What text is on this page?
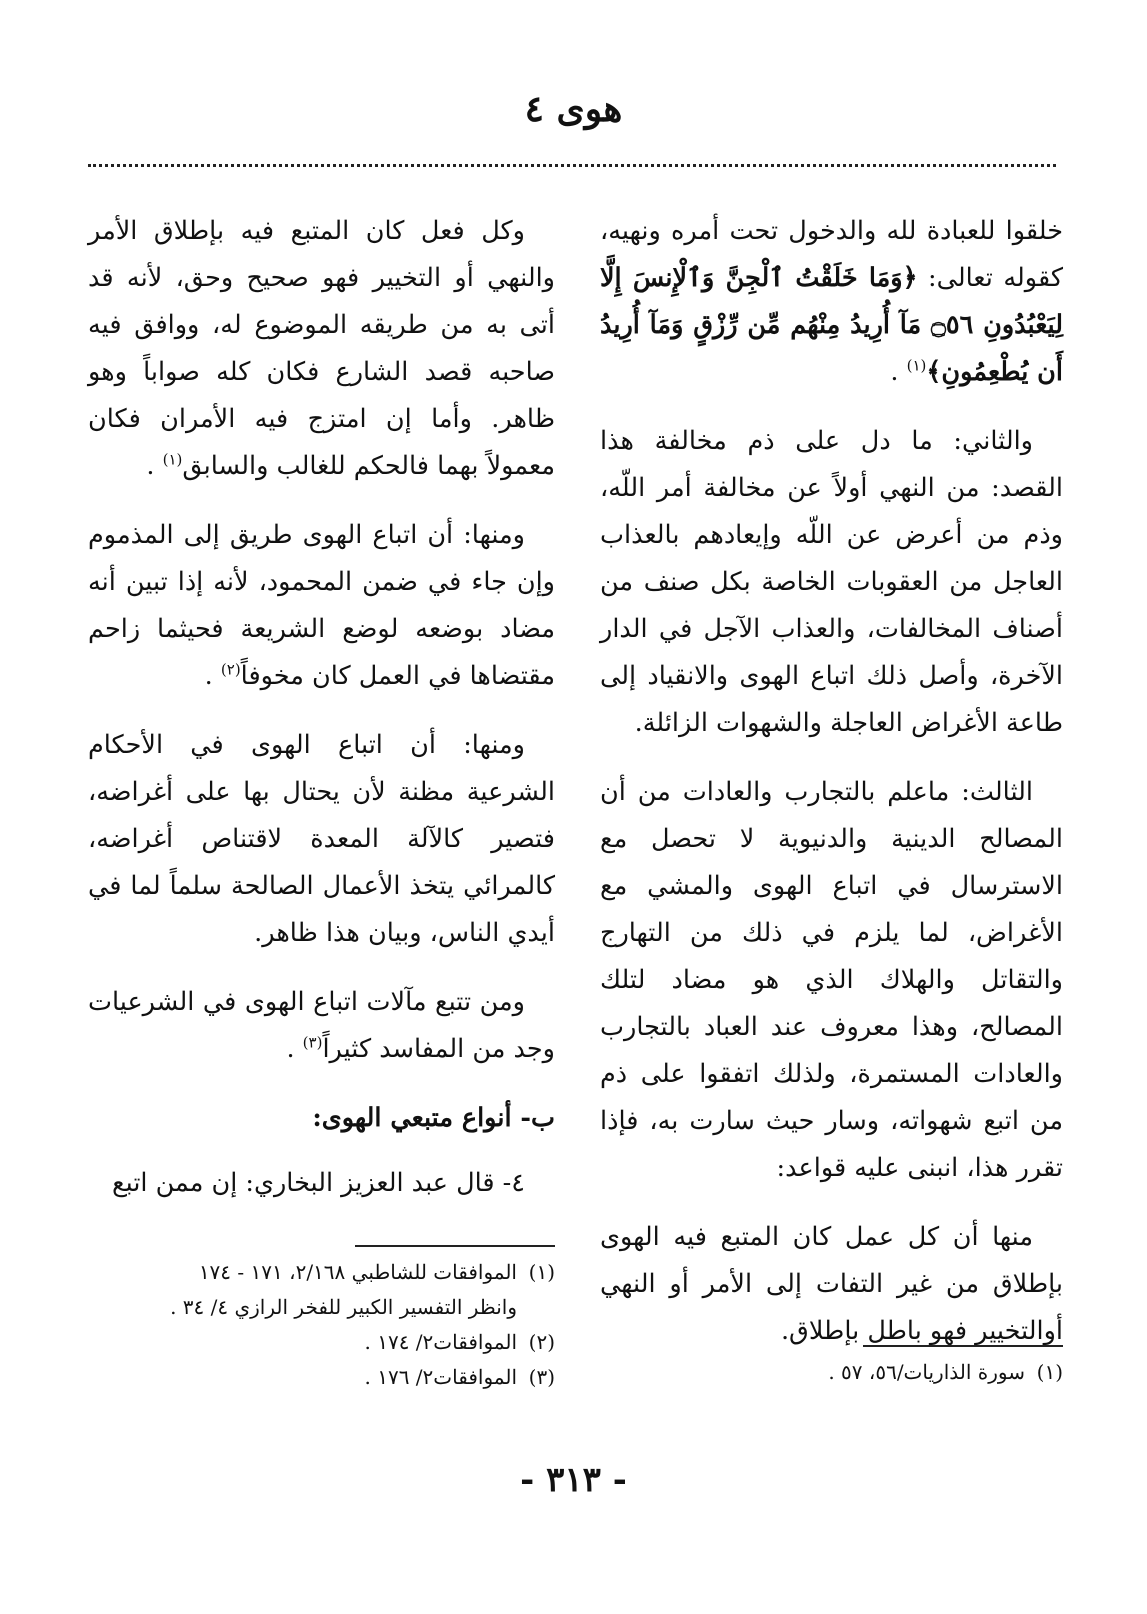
هوى ٤

خلقوا للعبادة لله والدخول تحت أمره ونهيه، كقوله تعالى: ﴿وَمَا خَلَقْتُ ٱلْجِنَّ وَٱلْإِنسَ إِلَّا لِيَعْبُدُونِ ۝٥٦ مَآ أُرِيدُ مِنْهُم مِّن رِّزْقٍ وَمَآ أُرِيدُ أَن يُطْعِمُونِ﴾$^{(١)}$ .

والثاني: ما دل على ذم مخالفة هذا القصد: من النهي أولاً عن مخالفة أمر اللّه، وذم من أعرض عن اللّه وإيعادهم بالعذاب العاجل من العقوبات الخاصة بكل صنف من أصناف المخالفات، والعذاب الآجل في الدار الآخرة، وأصل ذلك اتباع الهوى والانقياد إلى طاعة الأغراض العاجلة والشهوات الزائلة.

الثالث: ماعلم بالتجارب والعادات من أن المصالح الدينية والدنيوية لا تحصل مع الاسترسال في اتباع الهوى والمشي مع الأغراض، لما يلزم في ذلك من التهارج والتقاتل والهلاك الذي هو مضاد لتلك المصالح، وهذا معروف عند العباد بالتجارب والعادات المستمرة، ولذلك اتفقوا على ذم من اتبع شهواته، وسار حيث سارت به، فإذا تقرر هذا، انبنى عليه قواعد:

منها أن كل عمل كان المتبع فيه الهوى بإطلاق من غير التفات إلى الأمر أو النهي أوالتخيير فهو باطل بإطلاق.

(١)سورة الذاريات/٥٦، ٥٧ .

وكل فعل كان المتبع فيه بإطلاق الأمر والنهي أو التخيير فهو صحيح وحق، لأنه قد أتى به من طريقه الموضوع له، ووافق فيه صاحبه قصد الشارع فكان كله صواباً وهو ظاهر. وأما إن امتزج فيه الأمران فكان معمولاً بهما فالحكم للغالب والسابق$^{(١)}$ .

ومنها: أن اتباع الهوى طريق إلى المذموم وإن جاء في ضمن المحمود، لأنه إذا تبين أنه مضاد بوضعه لوضع الشريعة فحيثما زاحم مقتضاها في العمل كان مخوفاً$^{(٢)}$ .

ومنها: أن اتباع الهوى في الأحكام الشرعية مظنة لأن يحتال بها على أغراضه، فتصير كالآلة المعدة لاقتناص أغراضه، كالمرائي يتخذ الأعمال الصالحة سلماً لما في أيدي الناس، وبيان هذا ظاهر.

ومن تتبع مآلات اتباع الهوى في الشرعيات وجد من المفاسد كثيراً$^{(٣)}$ .

ب- أنواع متبعي الهوى:

٤- قال عبد العزيز البخاري: إن ممن اتبع

(١)الموافقات للشاطبي ٢/١٦٨، ١٧١ - ١٧٤

وانظر التفسير الكبير للفخر الرازي ٤/ ٣٤ .

(٢)الموافقات٢/ ١٧٤ .

(٣)الموافقات٢/ ١٧٦ .

- ٣١٣ -
